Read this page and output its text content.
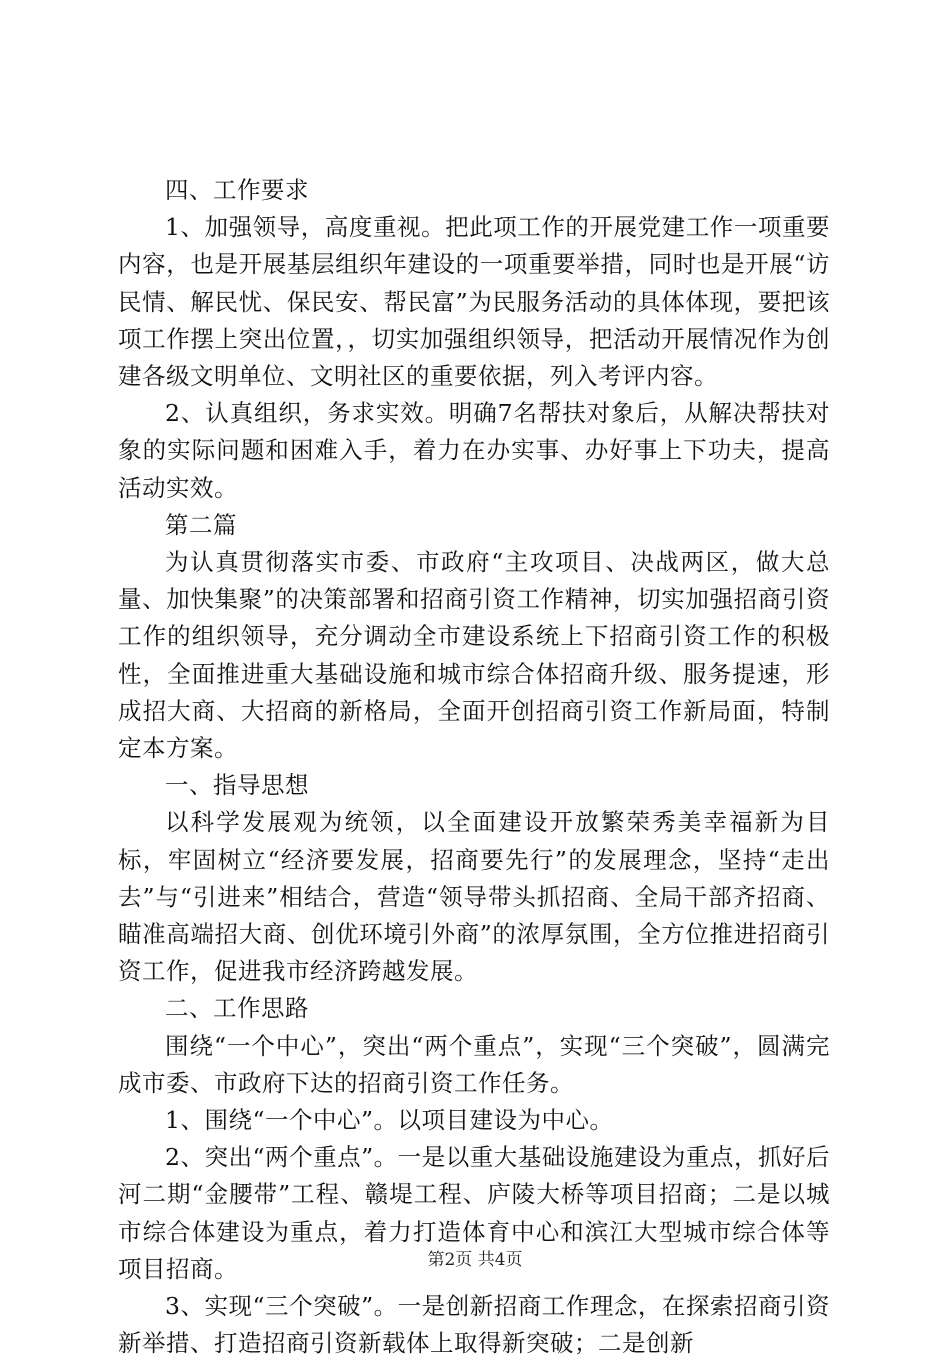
四、工作要求

1、加强领导，高度重视。把此项工作的开展党建工作一项重要内容，也是开展基层组织年建设的一项重要举措，同时也是开展“访民情、解民忧、保民安、帮民富”为民服务活动的具体体现，要把该项工作摆上突出位置，，切实加强组织领导，把活动开展情况作为创建各级文明单位、文明社区的重要依据，列入考评内容。

2、认真组织，务求实效。明确7名帮扶对象后，从解决帮扶对象的实际问题和困难入手，着力在办实事、办好事上下功夫，提高活动实效。

第二篇

为认真贯彻落实市委、市政府“主攻项目、决战两区，做大总量、加快集聚”的决策部署和招商引资工作精神，切实加强招商引资工作的组织领导，充分调动全市建设系统上下招商引资工作的积极性，全面推进重大基础设施和城市综合体招商升级、服务提速，形成招大商、大招商的新格局，全面开创招商引资工作新局面，特制定本方案。

一、指导思想

以科学发展观为统领，以全面建设开放繁荣秀美幸福新为目标，牢固树立“经济要发展，招商要先行”的发展理念，坚持“走出去”与“引进来”相结合，营造“领导带头抓招商、全局干部齐招商、瞄准高端招大商、创优环境引外商”的浓厚氛围，全方位推进招商引资工作，促进我市经济跨越发展。

二、工作思路

围绕“一个中心”，突出“两个重点”，实现“三个突破”，圆满完成市委、市政府下达的招商引资工作任务。

1、围绕“一个中心”。以项目建设为中心。

2、突出“两个重点”。一是以重大基础设施建设为重点，抓好后河二期“金腰带”工程、赣堤工程、庐陵大桥等项目招商；二是以城市综合体建设为重点，着力打造体育中心和滨江大型城市综合体等项目招商。

3、实现“三个突破”。一是创新招商工作理念，在探索招商引资新举措、打造招商引资新载体上取得新突破；二是创新

第2页 共4页
